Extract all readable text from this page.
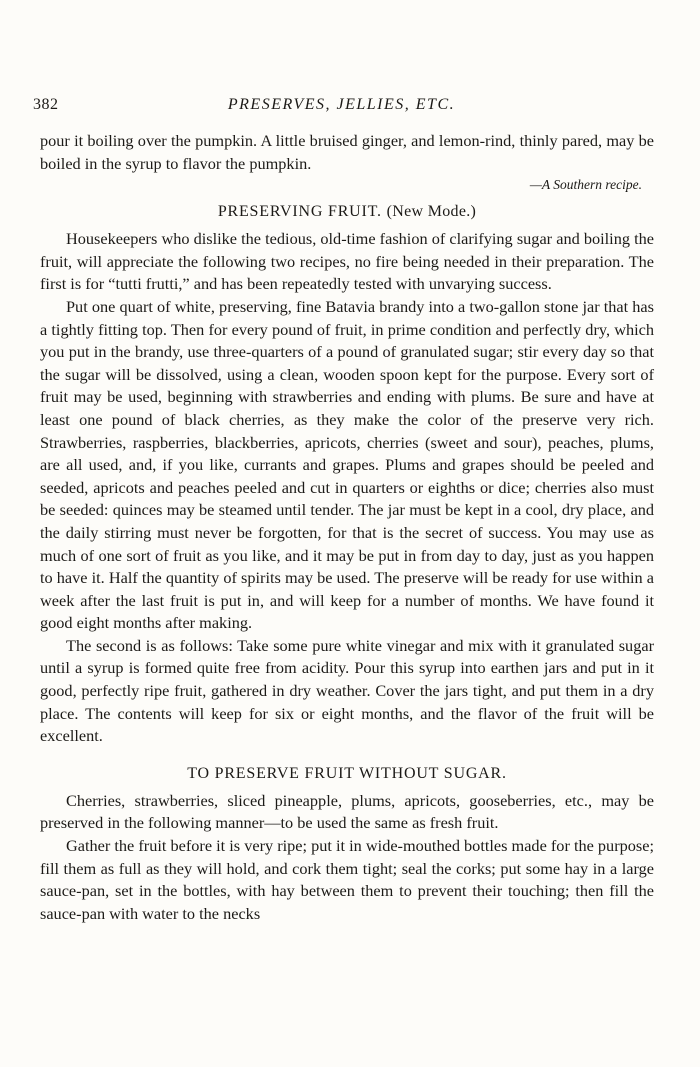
382	PRESERVES, JELLIES, ETC.

pour it boiling over the pumpkin. A little bruised ginger, and lemon-rind, thinly pared, may be boiled in the syrup to flavor the pumpkin.

—A Southern recipe.
PRESERVING FRUIT. (New Mode.)

Housekeepers who dislike the tedious, old-time fashion of clarifying sugar and boiling the fruit, will appreciate the following two recipes, no fire being needed in their preparation. The first is for “tutti frutti,” and has been repeatedly tested with unvarying success.

Put one quart of white, preserving, fine Batavia brandy into a two-gallon stone jar that has a tightly fitting top. Then for every pound of fruit, in prime condition and perfectly dry, which you put in the brandy, use three-quarters of a pound of granulated sugar; stir every day so that the sugar will be dissolved, using a clean, wooden spoon kept for the purpose. Every sort of fruit may be used, beginning with strawberries and ending with plums. Be sure and have at least one pound of black cherries, as they make the color of the preserve very rich. Strawberries, raspberries, blackberries, apricots, cherries (sweet and sour), peaches, plums, are all used, and, if you like, currants and grapes. Plums and grapes should be peeled and seeded, apricots and peaches peeled and cut in quarters or eighths or dice; cherries also must be seeded: quinces may be steamed until tender. The jar must be kept in a cool, dry place, and the daily stirring must never be forgotten, for that is the secret of success. You may use as much of one sort of fruit as you like, and it may be put in from day to day, just as you happen to have it. Half the quantity of spirits may be used. The preserve will be ready for use within a week after the last fruit is put in, and will keep for a number of months. We have found it good eight months after making.

The second is as follows: Take some pure white vinegar and mix with it granulated sugar until a syrup is formed quite free from acidity. Pour this syrup into earthen jars and put in it good, perfectly ripe fruit, gathered in dry weather. Cover the jars tight, and put them in a dry place. The contents will keep for six or eight months, and the flavor of the fruit will be excellent.

TO PRESERVE FRUIT WITHOUT SUGAR.

Cherries, strawberries, sliced pineapple, plums, apricots, gooseberries, etc., may be preserved in the following manner—to be used the same as fresh fruit.

Gather the fruit before it is very ripe; put it in wide-mouthed bottles made for the purpose; fill them as full as they will hold, and cork them tight; seal the corks; put some hay in a large sauce-pan, set in the bottles, with hay between them to prevent their touching; then fill the sauce-pan with water to the necks
